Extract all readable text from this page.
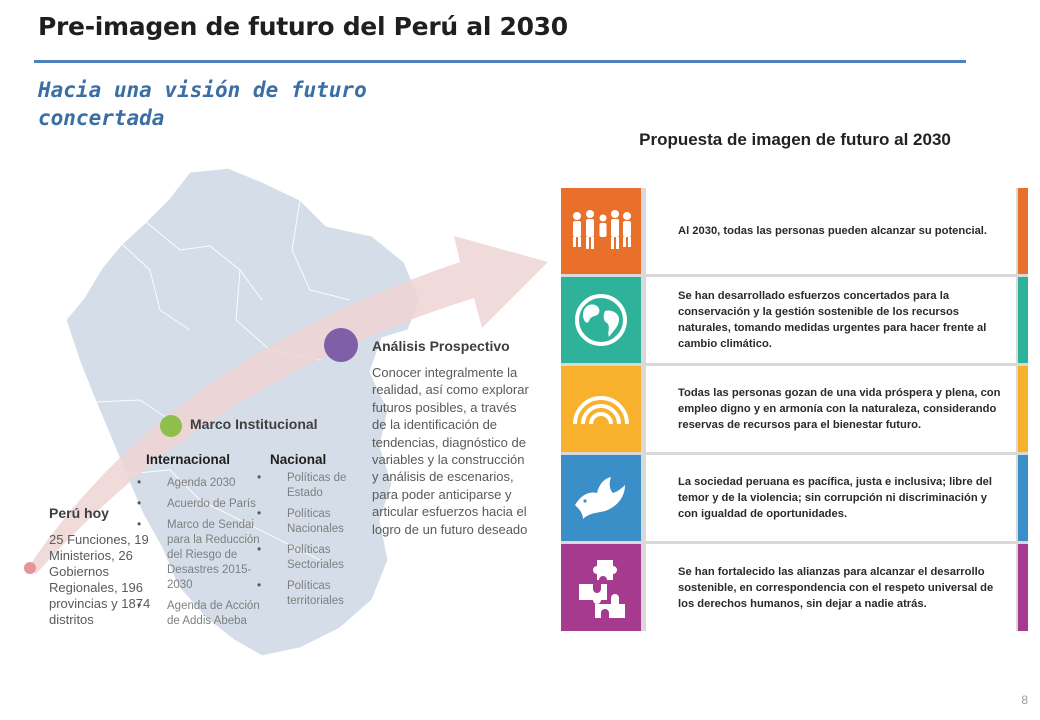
Pre-imagen de futuro del Perú al 2030
Hacia una visión de futuro concertada
Propuesta de imagen de futuro al 2030
Perú hoy
25 Funciones, 19 Ministerios, 26 Gobiernos Regionales, 196 provincias y 1874 distritos
Marco Institucional
Internacional
• Agenda 2030
• Acuerdo de París
• Marco de Sendai para la Reducción del Riesgo de Desastres 2015-2030
• Agenda de Acción de Addis Abeba
Nacional
• Políticas de Estado
• Políticas Nacionales
• Políticas Sectoriales
• Políticas territoriales
Análisis Prospectivo
Conocer integralmente la realidad, así como explorar futuros posibles, a través de la identificación de tendencias, diagnóstico de variables y la construcción y análisis de escenarios, para poder anticiparse y articular esfuerzos hacia el logro de un futuro deseado
Al 2030, todas las personas pueden alcanzar su potencial.
Se han desarrollado esfuerzos concertados para la conservación y la gestión sostenible de los recursos naturales, tomando medidas urgentes para hacer frente al cambio climático.
Todas las personas gozan de una vida próspera y plena, con empleo digno y en armonía con la naturaleza, considerando reservas de recursos para el bienestar futuro.
La sociedad peruana es pacífica, justa e inclusiva; libre del temor y de la violencia; sin corrupción ni discriminación y con igualdad de oportunidades.
Se han fortalecido las alianzas para alcanzar el desarrollo sostenible, en correspondencia con el respeto universal de los derechos humanos, sin dejar a nadie atrás.
8
